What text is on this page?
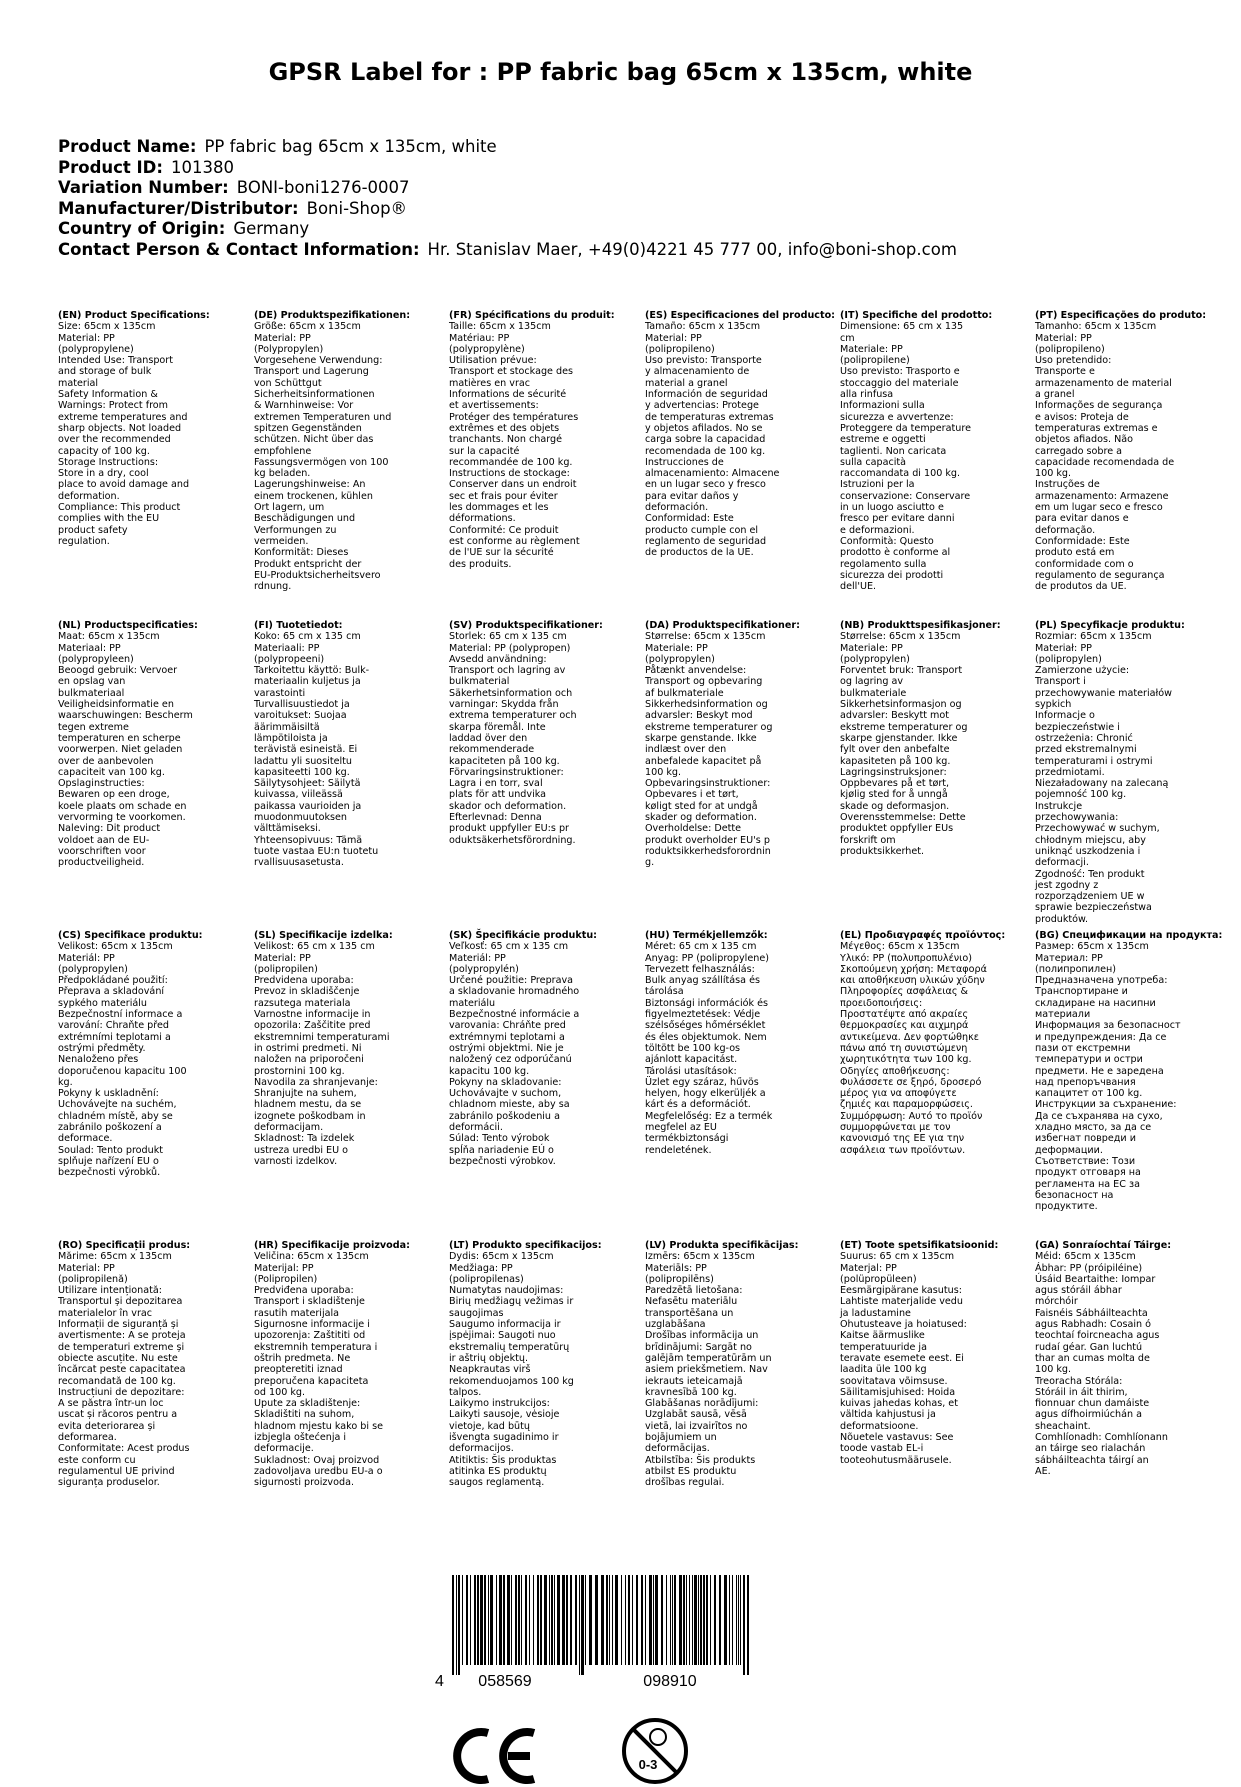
GPSR Label for : PP fabric bag 65cm x 135cm, white
Product Name: PP fabric bag 65cm x 135cm, white
Product ID: 101380
Variation Number: BONI-boni1276-0007
Manufacturer/Distributor: Boni-Shop®
Country of Origin: Germany
Contact Person & Contact Information: Hr. Stanislav Maer, +49(0)4221 45 777 00, info@boni-shop.com
(EN) Product Specifications:
Size: 65cm x 135cm
Material: PP
(polypropylene)
Intended Use: Transport
and storage of bulk
material
Safety Information &
Warnings: Protect from
extreme temperatures and
sharp objects. Not loaded
over the recommended
capacity of 100 kg.
Storage Instructions:
Store in a dry, cool
place to avoid damage and
deformation.
Compliance: This product
complies with the EU
product safety
regulation.
(DE) Produktspezifikationen:
Größe: 65cm x 135cm
Material: PP
(Polypropylen)
Vorgesehene Verwendung:
Transport und Lagerung
von Schüttgut
Sicherheitsinformationen
& Warnhinweise: Vor
extremen Temperaturen und
spitzen Gegenständen
schützen. Nicht über das
empfohlene
Fassungsvermögen von 100
kg beladen.
Lagerungshinweise: An
einem trockenen, kühlen
Ort lagern, um
Beschädigungen und
Verformungen zu
vermeiden.
Konformität: Dieses
Produkt entspricht der
EU-Produktsicherheitsvero
rdnung.
(FR) Spécifications du produit:
Taille: 65cm x 135cm
Matériau: PP
(polypropylène)
Utilisation prévue:
Transport et stockage des
matières en vrac
Informations de sécurité
et avertissements:
Protéger des températures
extrêmes et des objets
tranchants. Non chargé
sur la capacité
recommandée de 100 kg.
Instructions de stockage:
Conserver dans un endroit
sec et frais pour éviter
les dommages et les
déformations.
Conformité: Ce produit
est conforme au règlement
de l'UE sur la sécurité
des produits.
(ES) Especificaciones del producto:
Tamaño: 65cm x 135cm
Material: PP
(polipropileno)
Uso previsto: Transporte
y almacenamiento de
material a granel
Información de seguridad
y advertencias: Protege
de temperaturas extremas
y objetos afilados. No se
carga sobre la capacidad
recomendada de 100 kg.
Instrucciones de
almacenamiento: Almacene
en un lugar seco y fresco
para evitar daños y
deformación.
Conformidad: Este
producto cumple con el
reglamento de seguridad
de productos de la UE.
(IT) Specifiche del prodotto:
Dimensione: 65 cm x 135
cm
Materiale: PP
(polipropilene)
Uso previsto: Trasporto e
stoccaggio del materiale
alla rinfusa
Informazioni sulla
sicurezza e avvertenze:
Proteggere da temperature
estreme e oggetti
taglienti. Non caricata
sulla capacità
raccomandata di 100 kg.
Istruzioni per la
conservazione: Conservare
in un luogo asciutto e
fresco per evitare danni
e deformazioni.
Conformità: Questo
prodotto è conforme al
regolamento sulla
sicurezza dei prodotti
dell'UE.
(PT) Especificações do produto:
Tamanho: 65cm x 135cm
Material: PP
(polipropileno)
Uso pretendido:
Transporte e
armazenamento de material
a granel
Informações de segurança
e avisos: Proteja de
temperaturas extremas e
objetos afiados. Não
carregado sobre a
capacidade recomendada de
100 kg.
Instruções de
armazenamento: Armazene
em um lugar seco e fresco
para evitar danos e
deformação.
Conformidade: Este
produto está em
conformidade com o
regulamento de segurança
de produtos da UE.
(NL) Productspecificaties:
Maat: 65cm x 135cm
Materiaal: PP
(polypropyleen)
Beoogd gebruik: Vervoer
en opslag van
bulkmateriaal
Veiligheidsinformatie en
waarschuwingen: Bescherm
tegen extreme
temperaturen en scherpe
voorwerpen. Niet geladen
over de aanbevolen
capaciteit van 100 kg.
Opslaginstructies:
Bewaren op een droge,
koele plaats om schade en
vervorming te voorkomen.
Naleving: Dit product
voldoet aan de EU-
voorschriften voor
productveiligheid.
(FI) Tuotetiedot:
Koko: 65 cm x 135 cm
Materiaali: PP
(polypropeeni)
Tarkoitettu käyttö: Bulk-
materiaalin kuljetus ja
varastointi
Turvallisuustiedot ja
varoitukset: Suojaa
äärimmäisiltä
lämpötiloista ja
terävistä esineistä. Ei
ladattu yli suositeltu
kapasiteetti 100 kg.
Säilytysohjeet: Säilytä
kuivassa, viileässä
paikassa vaurioiden ja
muodonmuutoksen
välttämiseksi.
Yhteensopivuus: Tämä
tuote vastaa EU:n tuotetu
rvallisuusasetusta.
(SV) Produktspecifikationer:
Storlek: 65 cm x 135 cm
Material: PP (polypropen)
Avsedd användning:
Transport och lagring av
bulkmaterial
Säkerhetsinformation och
varningar: Skydda från
extrema temperaturer och
skarpa föremål. Inte
laddad över den
rekommenderade
kapaciteten på 100 kg.
Förvaringsinstruktioner:
Lagra i en torr, sval
plats för att undvika
skador och deformation.
Efterlevnad: Denna
produkt uppfyller EU:s pr
oduktsäkerhetsförordning.
(DA) Produktspecifikationer:
Størrelse: 65cm x 135cm
Materiale: PP
(polypropylen)
Påtænkt anvendelse:
Transport og opbevaring
af bulkmateriale
Sikkerhedsinformation og
advarsler: Beskyt mod
ekstreme temperaturer og
skarpe genstande. Ikke
indlæst over den
anbefalede kapacitet på
100 kg.
Opbevaringsinstruktioner:
Opbevares i et tørt,
køligt sted for at undgå
skader og deformation.
Overholdelse: Dette
produkt overholder EU's p
roduktsikkerhedsforordnin
g.
(NB) Produkttspesifikasjoner:
Størrelse: 65cm x 135cm
Materiale: PP
(polypropylen)
Forventet bruk: Transport
og lagring av
bulkmateriale
Sikkerhetsinformasjon og
advarsler: Beskytt mot
ekstreme temperaturer og
skarpe gjenstander. Ikke
fylt over den anbefalte
kapasiteten på 100 kg.
Lagringsinstruksjoner:
Oppbevares på et tørt,
kjølig sted for å unngå
skade og deformasjon.
Overensstemmelse: Dette
produktet oppfyller EUs
forskrift om
produktsikkerhet.
(PL) Specyfikacje produktu:
Rozmiar: 65cm x 135cm
Materiał: PP
(polipropylen)
Zamierzone użycie:
Transport i
przechowywanie materiałów
sypkich
Informacje o
bezpieczeństwie i
ostrzeżenia: Chronić
przed ekstremalnymi
temperaturami i ostrymi
przedmiotami.
Niezaładowany na zalecaną
pojemność 100 kg.
Instrukcje
przechowywania:
Przechowywać w suchym,
chłodnym miejscu, aby
uniknąć uszkodzenia i
deformacji.
Zgodność: Ten produkt
jest zgodny z
rozporządzeniem UE w
sprawie bezpieczeństwa
produktów.
(CS) Specifikace produktu:
Velikost: 65cm x 135cm
Materiál: PP
(polypropylen)
Předpokládané použití:
Přeprava a skladování
sypkého materiálu
Bezpečnostní informace a
varování: Chraňte před
extrémními teplotami a
ostrými předměty.
Nenaloženo přes
doporučenou kapacitu 100
kg.
Pokyny k uskladnění:
Uchovávejte na suchém,
chladném místě, aby se
zabránilo poškození a
deformace.
Soulad: Tento produkt
splňuje nařízení EU o
bezpečnosti výrobků.
(SL) Specifikacije izdelka:
Velikost: 65 cm x 135 cm
Material: PP
(polipropilen)
Predvidena uporaba:
Prevoz in skladiščenje
razsutega materiala
Varnostne informacije in
opozorila: Zaščitite pred
ekstremnimi temperaturami
in ostrimi predmeti. Ni
naložen na priporočeni
prostornini 100 kg.
Navodila za shranjevanje:
Shranjujte na suhem,
hladnem mestu, da se
izognete poškodbam in
deformacijam.
Skladnost: Ta izdelek
ustreza uredbi EU o
varnosti izdelkov.
(SK) Špecifikácie produktu:
Veľkosť: 65 cm x 135 cm
Materiál: PP
(polypropylén)
Určené použitie: Preprava
a skladovanie hromadného
materiálu
Bezpečnostné informácie a
varovania: Chráňte pred
extrémnymi teplotami a
ostrými objektmi. Nie je
naložený cez odporúčanú
kapacitu 100 kg.
Pokyny na skladovanie:
Uchovávajte v suchom,
chladnom mieste, aby sa
zabránilo poškodeniu a
deformácii.
Súlad: Tento výrobok
spĺňa nariadenie EÚ o
bezpečnosti výrobkov.
(HU) Termékjellemzők:
Méret: 65 cm x 135 cm
Anyag: PP (polipropylene)
Tervezett felhasználás:
Bulk anyag szállítása és
tárolása
Biztonsági információk és
figyelmeztetések: Védje
szélsőséges hőmérséklet
és éles objektumok. Nem
töltött be 100 kg-os
ajánlott kapacitást.
Tárolási utasítások:
Üzlet egy száraz, hűvös
helyen, hogy elkerüljék a
kárt és a deformációt.
Megfelelőség: Ez a termék
megfelel az EU
termékbiztonsági
rendeletének.
(EL) Προδιαγραφές προϊόντος:
Μέγεθος: 65cm x 135cm
Υλικό: PP (πολυπροπυλένιο)
Σκοπούμενη χρήση: Μεταφορά
και αποθήκευση υλικών χύδην
Πληροφορίες ασφάλειας &
προειδοποιήσεις:
Προστατέψτε από ακραίες
θερμοκρασίες και αιχμηρά
αντικείμενα. Δεν φορτώθηκε
πάνω από τη συνιστώμενη
χωρητικότητα των 100 kg.
Οδηγίες αποθήκευσης:
Φυλάσσετε σε ξηρό, δροσερό
μέρος για να αποφύγετε
ζημιές και παραμορφώσεις.
Συμμόρφωση: Αυτό το προϊόν
συμμορφώνεται με τον
κανονισμό της ΕΕ για την
ασφάλεια των προϊόντων.
(BG) Спецификации на продукта:
Размер: 65cm x 135cm
Материал: PP
(полипропилен)
Предназначена употреба:
Транспортиране и
складиране на насипни
материали
Информация за безопасност
и предупреждения: Да се
пази от екстремни
температури и остри
предмети. Не е заредена
над препоръчвания
капацитет от 100 kg.
Инструкции за съхранение:
Да се съхранява на сухо,
хладно място, за да се
избегнат повреди и
деформации.
Съответствие: Този
продукт отговаря на
регламента на ЕС за
безопасност на
продуктите.
(RO) Specificații produs:
Mărime: 65cm x 135cm
Material: PP
(polipropilenă)
Utilizare intenționată:
Transportul și depozitarea
materialelor în vrac
Informații de siguranță și
avertismente: A se proteja
de temperaturi extreme și
obiecte ascuțite. Nu este
încărcat peste capacitatea
recomandată de 100 kg.
Instrucțiuni de depozitare:
A se păstra într-un loc
uscat și răcoros pentru a
evita deteriorarea și
deformarea.
Conformitate: Acest produs
este conform cu
regulamentul UE privind
siguranța produselor.
(HR) Specifikacije proizvoda:
Veličina: 65cm x 135cm
Materijal: PP
(Polipropilen)
Predviđena uporaba:
Transport i skladištenje
rasutih materijala
Sigurnosne informacije i
upozorenja: Zaštititi od
ekstremnih temperatura i
oštrih predmeta. Ne
preopteretiti iznad
preporučena kapaciteta
od 100 kg.
Upute za skladištenje:
Skladištiti na suhom,
hladnom mjestu kako bi se
izbjegla oštećenja i
deformacije.
Sukladnost: Ovaj proizvod
zadovoljava uredbu EU-a o
sigurnosti proizvoda.
(LT) Produkto specifikacijos:
Dydis: 65cm x 135cm
Medžiaga: PP
(polipropilenas)
Numatytas naudojimas:
Birių medžiagų vežimas ir
saugojimas
Saugumo informacija ir
įspėjimai: Saugoti nuo
ekstremalių temperatūrų
ir aštrių objektų.
Neapkrautas virš
rekomenduojamos 100 kg
talpos.
Laikymo instrukcijos:
Laikyti sausoje, vėsioje
vietoje, kad būtų
išvengta sugadinimo ir
deformacijos.
Atitiktis: Šis produktas
atitinka ES produktų
saugos reglamentą.
(LV) Produkta specifikācijas:
Izmērs: 65cm x 135cm
Materiāls: PP
(polipropilēns)
Paredzētā lietošana:
Nefasētu materiālu
transportēšana un
uzglabāšana
Drošības informācija un
brīdinājumi: Sargāt no
galējām temperatūrām un
asiem priekšmetiem. Nav
iekrauts ieteicamajā
kravnesībā 100 kg.
Glabāšanas norādījumi:
Uzglabāt sausā, vēsā
vietā, lai izvairītos no
bojājumiem un
deformācijas.
Atbilstība: Šis produkts
atbilst ES produktu
drošības regulai.
(ET) Toote spetsifikatsioonid:
Suurus: 65 cm x 135cm
Materjal: PP
(polüpropüleen)
Eesmärgipärane kasutus:
Lahtiste materjalide vedu
ja ladustamine
Ohutusteave ja hoiatused:
Kaitse äärmuslike
temperatuuride ja
teravate esemete eest. Ei
laadita üle 100 kg
soovitatava võimsuse.
Säilitamisjuhised: Hoida
kuivas jahedas kohas, et
vältida kahjustusi ja
deformatsioone.
Nõuetele vastavus: See
toode vastab EL-i
tooteohutusmäärusele.
(GA) Sonraíochtaí Táirge:
Méid: 65cm x 135cm
Ábhar: PP (próipiléine)
Úsáid Beartaithe: Iompar
agus stóráil ábhar
mórchóir
Faisnéis Sábháilteachta
agus Rabhadh: Cosain ó
teochtaí foircneacha agus
rudaí géar. Gan luchtú
thar an cumas molta de
100 kg.
Treoracha Stórála:
Stóráil in áit thirim,
fionnuar chun damáiste
agus dífhoirmiúchán a
sheachaint.
Comhlíonadh: Comhlíonann
an táirge seo rialachán
sábháilteachta táirgí an
AE.
4 058569	098910
0-3
